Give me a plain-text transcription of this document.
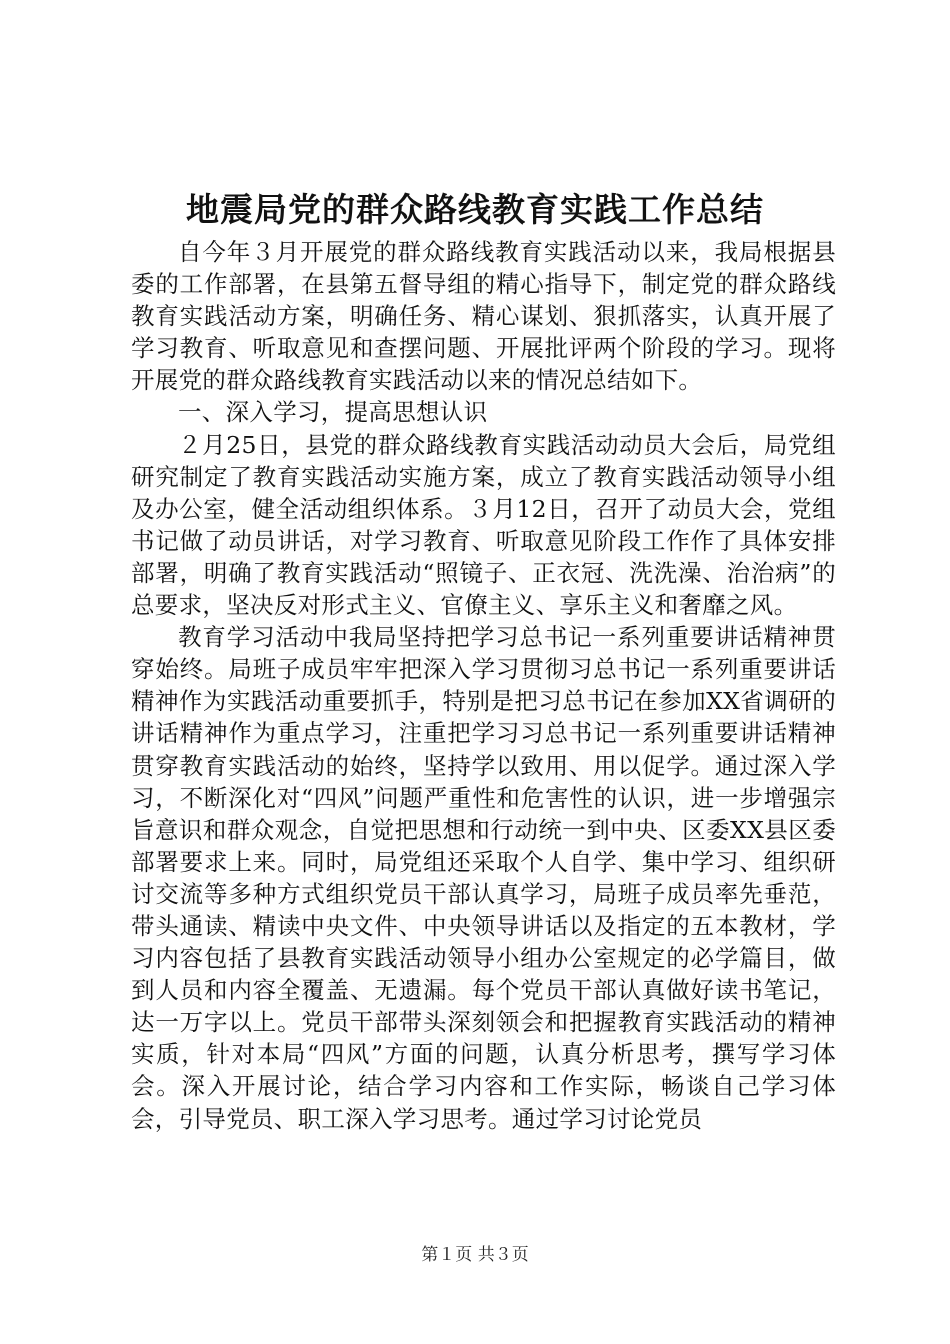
地震局党的群众路线教育实践工作总结

自今年３月开展党的群众路线教育实践活动以来，我局根据县委的工作部署，在县第五督导组的精心指导下，制定党的群众路线教育实践活动方案，明确任务、精心谋划、狠抓落实，认真开展了学习教育、听取意见和查摆问题、开展批评两个阶段的学习。现将开展党的群众路线教育实践活动以来的情况总结如下。

一、深入学习，提高思想认识

２月25日，县党的群众路线教育实践活动动员大会后，局党组研究制定了教育实践活动实施方案，成立了教育实践活动领导小组及办公室，健全活动组织体系。３月12日，召开了动员大会，党组书记做了动员讲话，对学习教育、听取意见阶段工作作了具体安排部署，明确了教育实践活动“照镜子、正衣冠、洗洗澡、治治病”的总要求，坚决反对形式主义、官僚主义、享乐主义和奢靡之风。

教育学习活动中我局坚持把学习总书记一系列重要讲话精神贯穿始终。局班子成员牢牢把深入学习贯彻习总书记一系列重要讲话精神作为实践活动重要抓手，特别是把习总书记在参加XX省调研的讲话精神作为重点学习，注重把学习习总书记一系列重要讲话精神贯穿教育实践活动的始终，坚持学以致用、用以促学。通过深入学习，不断深化对“四风”问题严重性和危害性的认识，进一步增强宗旨意识和群众观念，自觉把思想和行动统一到中央、区委XX县区委部署要求上来。同时，局党组还采取个人自学、集中学习、组织研讨交流等多种方式组织党员干部认真学习，局班子成员率先垂范，带头通读、精读中央文件、中央领导讲话以及指定的五本教材，学习内容包括了县教育实践活动领导小组办公室规定的必学篇目，做到人员和内容全覆盖、无遗漏。每个党员干部认真做好读书笔记，达一万字以上。党员干部带头深刻领会和把握教育实践活动的精神实质，针对本局“四风”方面的问题，认真分析思考，撰写学习体会。深入开展讨论，结合学习内容和工作实际，畅谈自己学习体会，引导党员、职工深入学习思考。通过学习讨论党员

第１页 共３页
